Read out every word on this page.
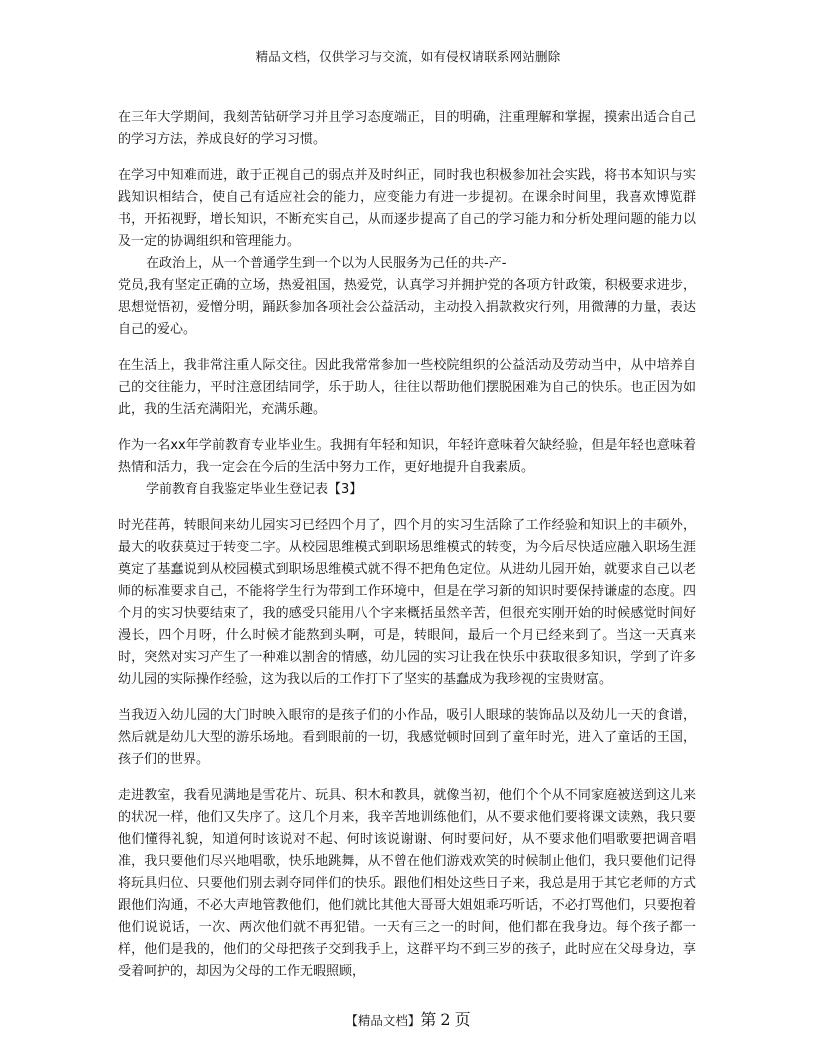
精品文档，仅供学习与交流，如有侵权请联系网站删除

在三年大学期间，我刻苦钻研学习并且学习态度端正，目的明确，注重理解和掌握，摸索出适合自己的学习方法，养成良好的学习习惯。

在学习中知难而进，敢于正视自己的弱点并及时纠正，同时我也积极参加社会实践，将书本知识与实践知识相结合，使自己有适应社会的能力，应变能力有进一步提初。在课余时间里，我喜欢博览群书，开拓视野，增长知识，不断充实自己，从而逐步提高了自己的学习能力和分析处理问题的能力以及一定的协调组织和管理能力。

在政治上，从一个普通学生到一个以为人民服务为己任的共-产-

党员,我有坚定正确的立场，热爱祖国，热爱党，认真学习并拥护党的各项方针政策，积极要求进步，思想觉悟初，爱憎分明，踊跃参加各项社会公益活动，主动投入捐款救灾行列，用微薄的力量，表达自己的爱心。

在生活上，我非常注重人际交往。因此我常常参加一些校院组织的公益活动及劳动当中，从中培养自己的交往能力，平时注意团结同学，乐于助人，往往以帮助他们摆脱困难为自己的快乐。也正因为如此，我的生活充满阳光，充满乐趣。

作为一名xx年学前教育专业毕业生。我拥有年轻和知识，年轻许意味着欠缺经验，但是年轻也意味着热情和活力，我一定会在今后的生活中努力工作，更好地提升自我素质。

学前教育自我鉴定毕业生登记表【3】

时光荏苒，转眼间来幼儿园实习已经四个月了，四个月的实习生活除了工作经验和知识上的丰硕外，最大的收获莫过于转变二字。从校园思维模式到职场思维模式的转变，为今后尽快适应融入职场生涯奠定了基蠢说到从校园模式到职场思维模式就不得不把角色定位。从进幼儿园开始，就要求自己以老师的标准要求自己，不能将学生行为带到工作环境中，但是在学习新的知识时要保持谦虚的态度。四个月的实习快要结束了，我的感受只能用八个字来概括虽然辛苦，但很充实刚开始的时候感觉时间好漫长，四个月呀，什么时候才能熬到头啊，可是，转眼间，最后一个月已经来到了。当这一天真来时，突然对实习产生了一种难以割舍的情感，幼儿园的实习让我在快乐中获取很多知识，学到了许多幼儿园的实际操作经验，这为我以后的工作打下了坚实的基蠢成为我珍视的宝贵财富。

当我迈入幼儿园的大门时映入眼帘的是孩子们的小作品，吸引人眼球的装饰品以及幼儿一天的食谱，然后就是幼儿大型的游乐场地。看到眼前的一切，我感觉顿时回到了童年时光，进入了童话的王国，孩子们的世界。

走进教室，我看见满地是雪花片、玩具、积木和教具，就像当初，他们个个从不同家庭被送到这儿来的状况一样，他们又失序了。这几个月来，我辛苦地训练他们，从不要求他们要将课文读熟，我只要他们懂得礼貌，知道何时该说对不起、何时该说谢谢、何时要问好，从不要求他们唱歌要把调音唱准，我只要他们尽兴地唱歌，快乐地跳舞，从不曾在他们游戏欢笑的时候制止他们，我只要他们记得将玩具归位、只要他们别去剥夺同伴们的快乐。跟他们相处这些日子来，我总是用于其它老师的方式跟他们沟通，不必大声地管教他们，他们就比其他大哥哥大姐姐乖巧听话，不必打骂他们，只要抱着他们说说话，一次、两次他们就不再犯错。一天有三之一的时间，他们都在我身边。每个孩子都一样，他们是我的，他们的父母把孩子交到我手上，这群平均不到三岁的孩子，此时应在父母身边，享受着呵护的，却因为父母的工作无暇照顾，

【精品文档】第 2 页
